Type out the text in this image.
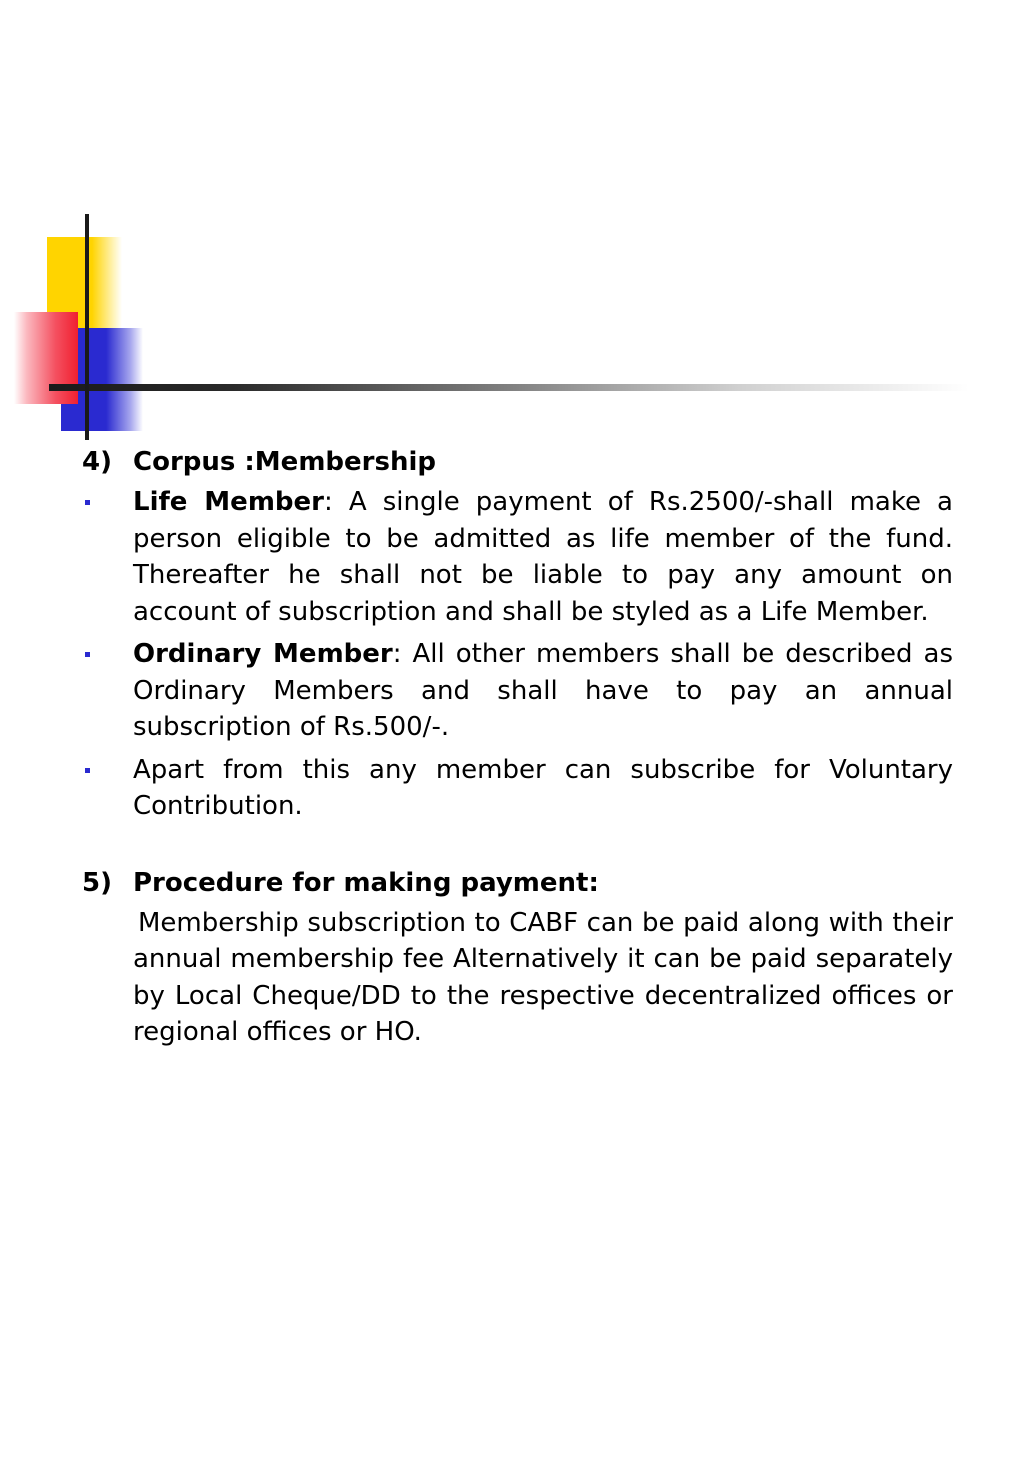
4) Corpus :Membership
Life Member: A single payment of Rs.2500/-shall make a person eligible to be admitted as life member of the fund. Thereafter he shall not be liable to pay any amount on account of subscription and shall be styled as a Life Member.
Ordinary Member: All other members shall be described as Ordinary Members and shall have to pay an annual subscription of Rs.500/-.
Apart from this any member can subscribe for Voluntary Contribution.
5) Procedure for making payment:
Membership subscription to CABF can be paid along with their annual membership fee Alternatively it can be paid separately by Local Cheque/DD to the respective decentralized offices or regional offices or HO.
